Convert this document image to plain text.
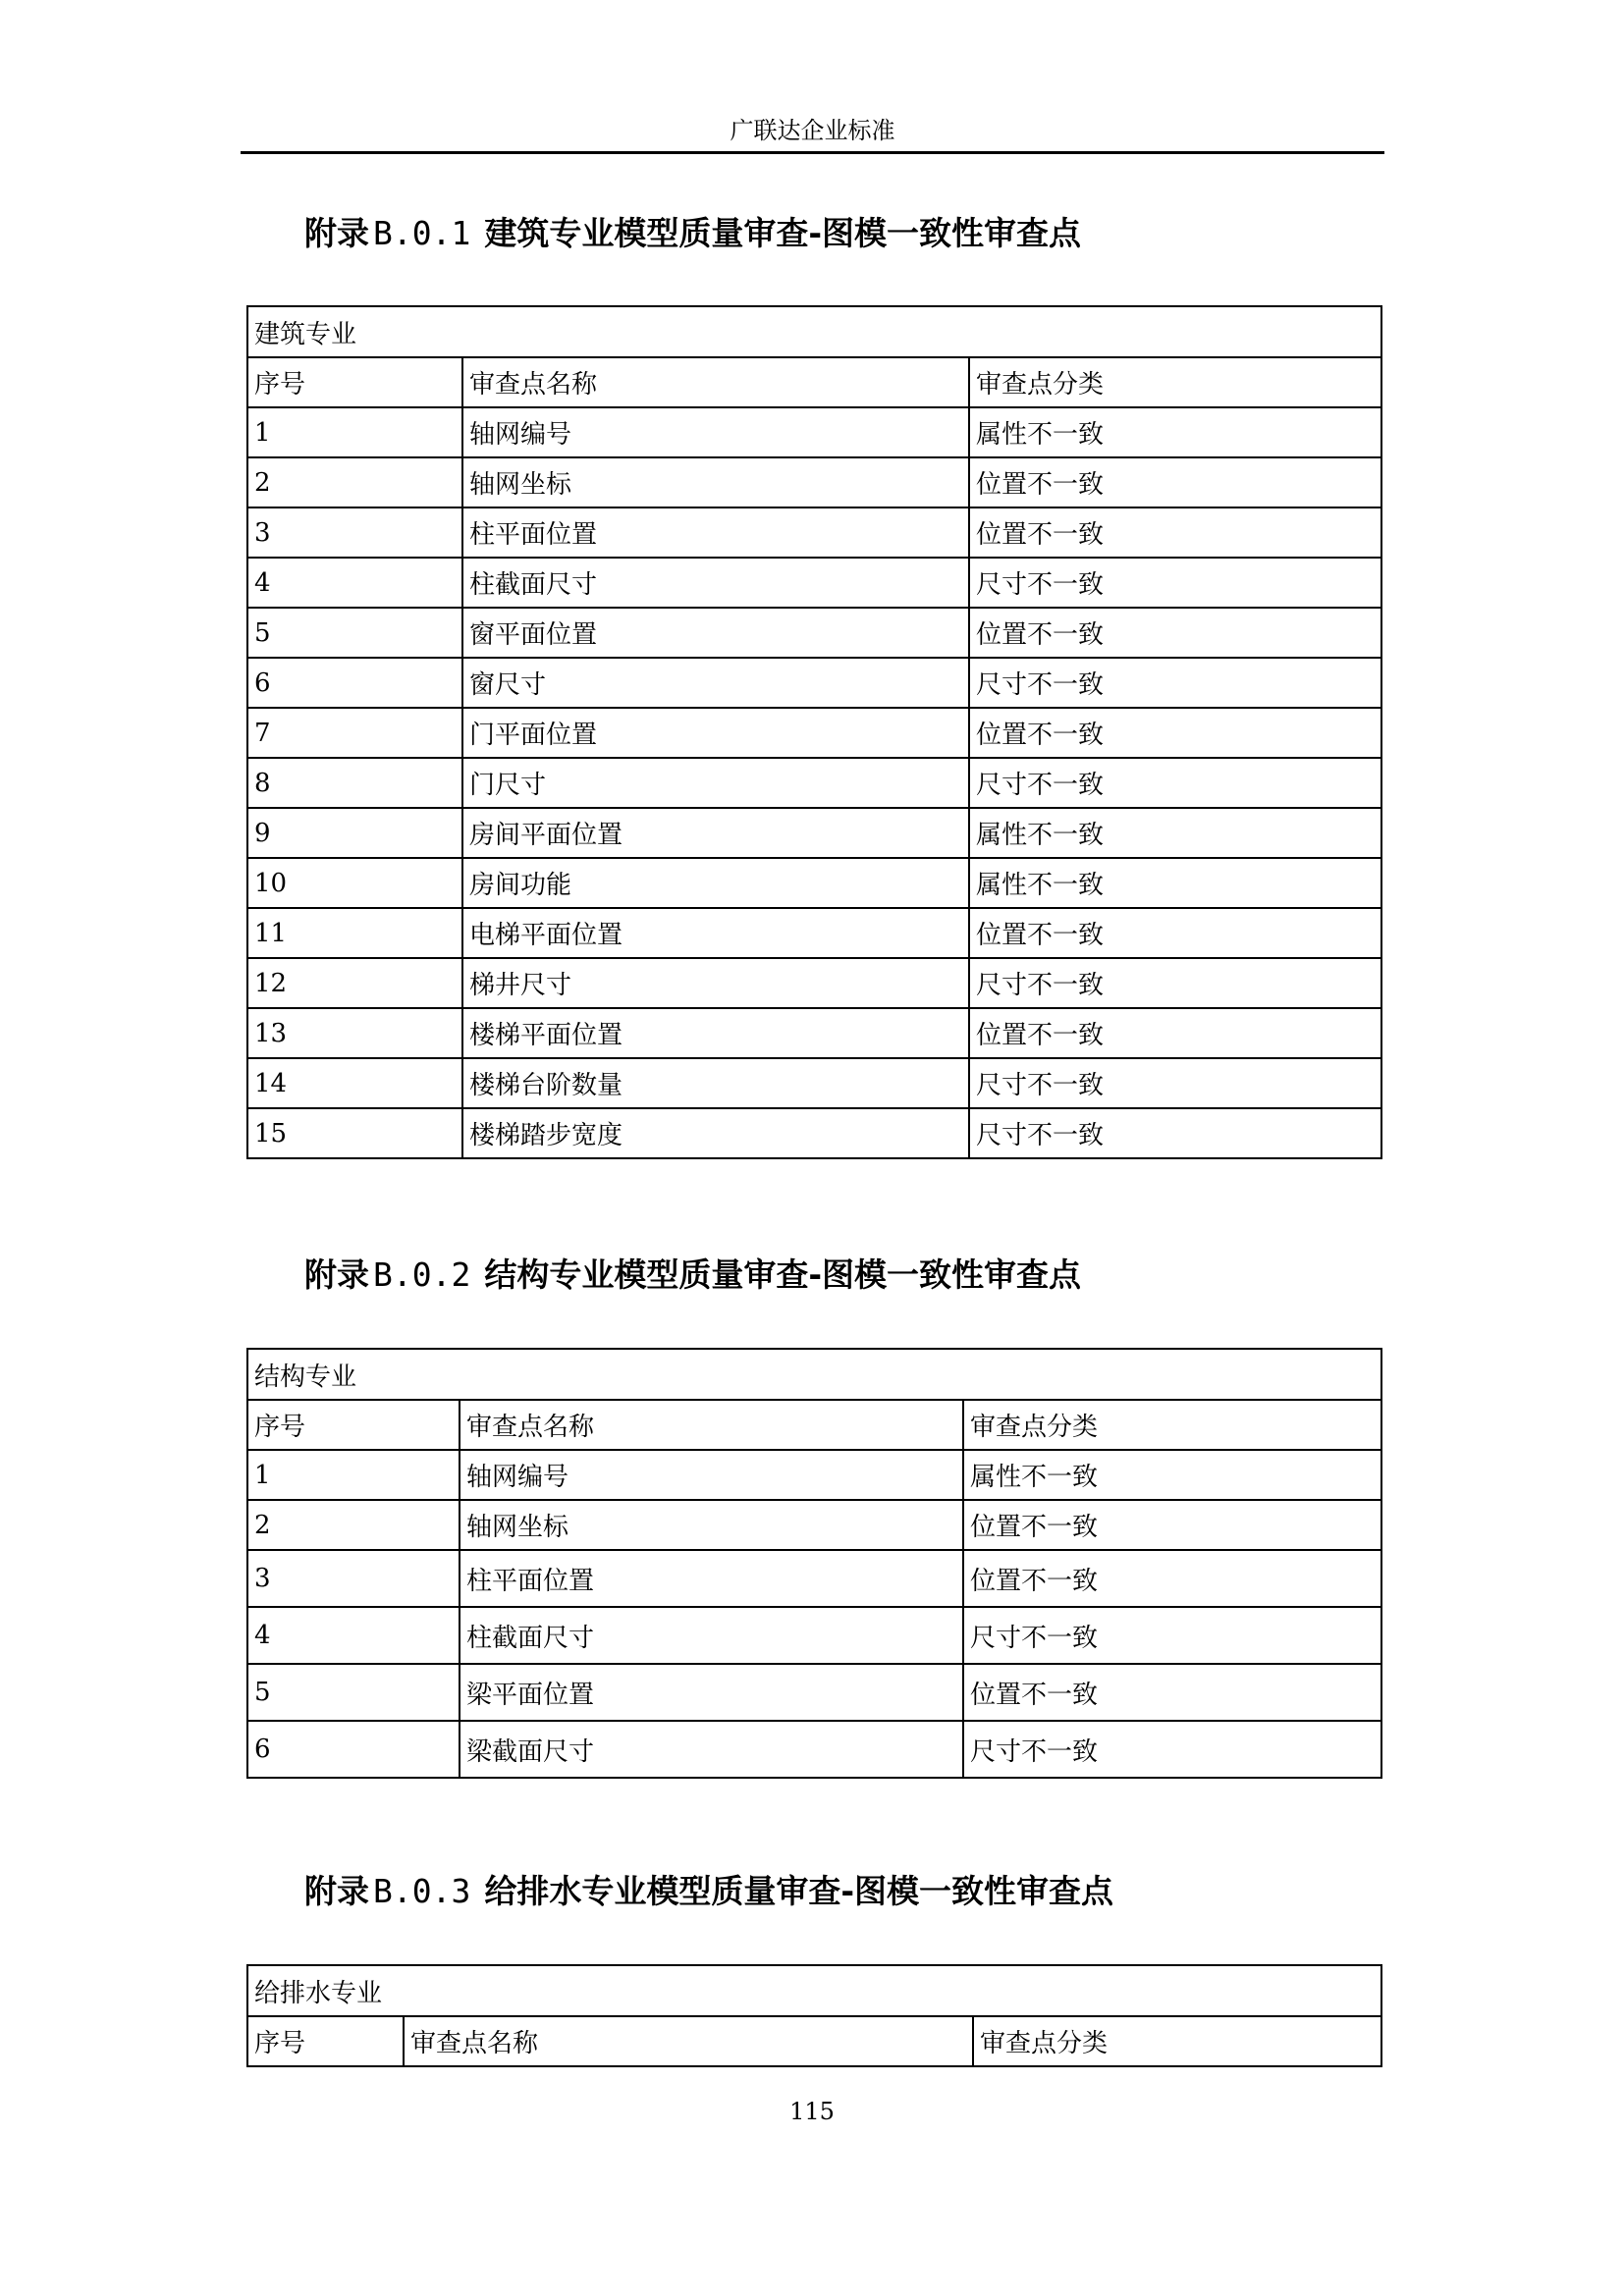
广联达企业标准
附录 B.0.1 建筑专业模型质量审查-图模一致性审查点
建筑专业		
序号	审查点名称	审查点分类
1	轴网编号	属性不一致
2	轴网坐标	位置不一致
3	柱平面位置	位置不一致
4	柱截面尺寸	尺寸不一致
5	窗平面位置	位置不一致
6	窗尺寸	尺寸不一致
7	门平面位置	位置不一致
8	门尺寸	尺寸不一致
9	房间平面位置	属性不一致
10	房间功能	属性不一致
11	电梯平面位置	位置不一致
12	梯井尺寸	尺寸不一致
13	楼梯平面位置	位置不一致
14	楼梯台阶数量	尺寸不一致
15	楼梯踏步宽度	尺寸不一致
附录 B.0.2 结构专业模型质量审查-图模一致性审查点
结构专业		
序号	审查点名称	审查点分类
1	轴网编号	属性不一致
2	轴网坐标	位置不一致
3	柱平面位置	位置不一致
4	柱截面尺寸	尺寸不一致
5	梁平面位置	位置不一致
6	梁截面尺寸	尺寸不一致
附录 B.0.3 给排水专业模型质量审查-图模一致性审查点
给排水专业
序号	审查点名称	审查点分类
115
